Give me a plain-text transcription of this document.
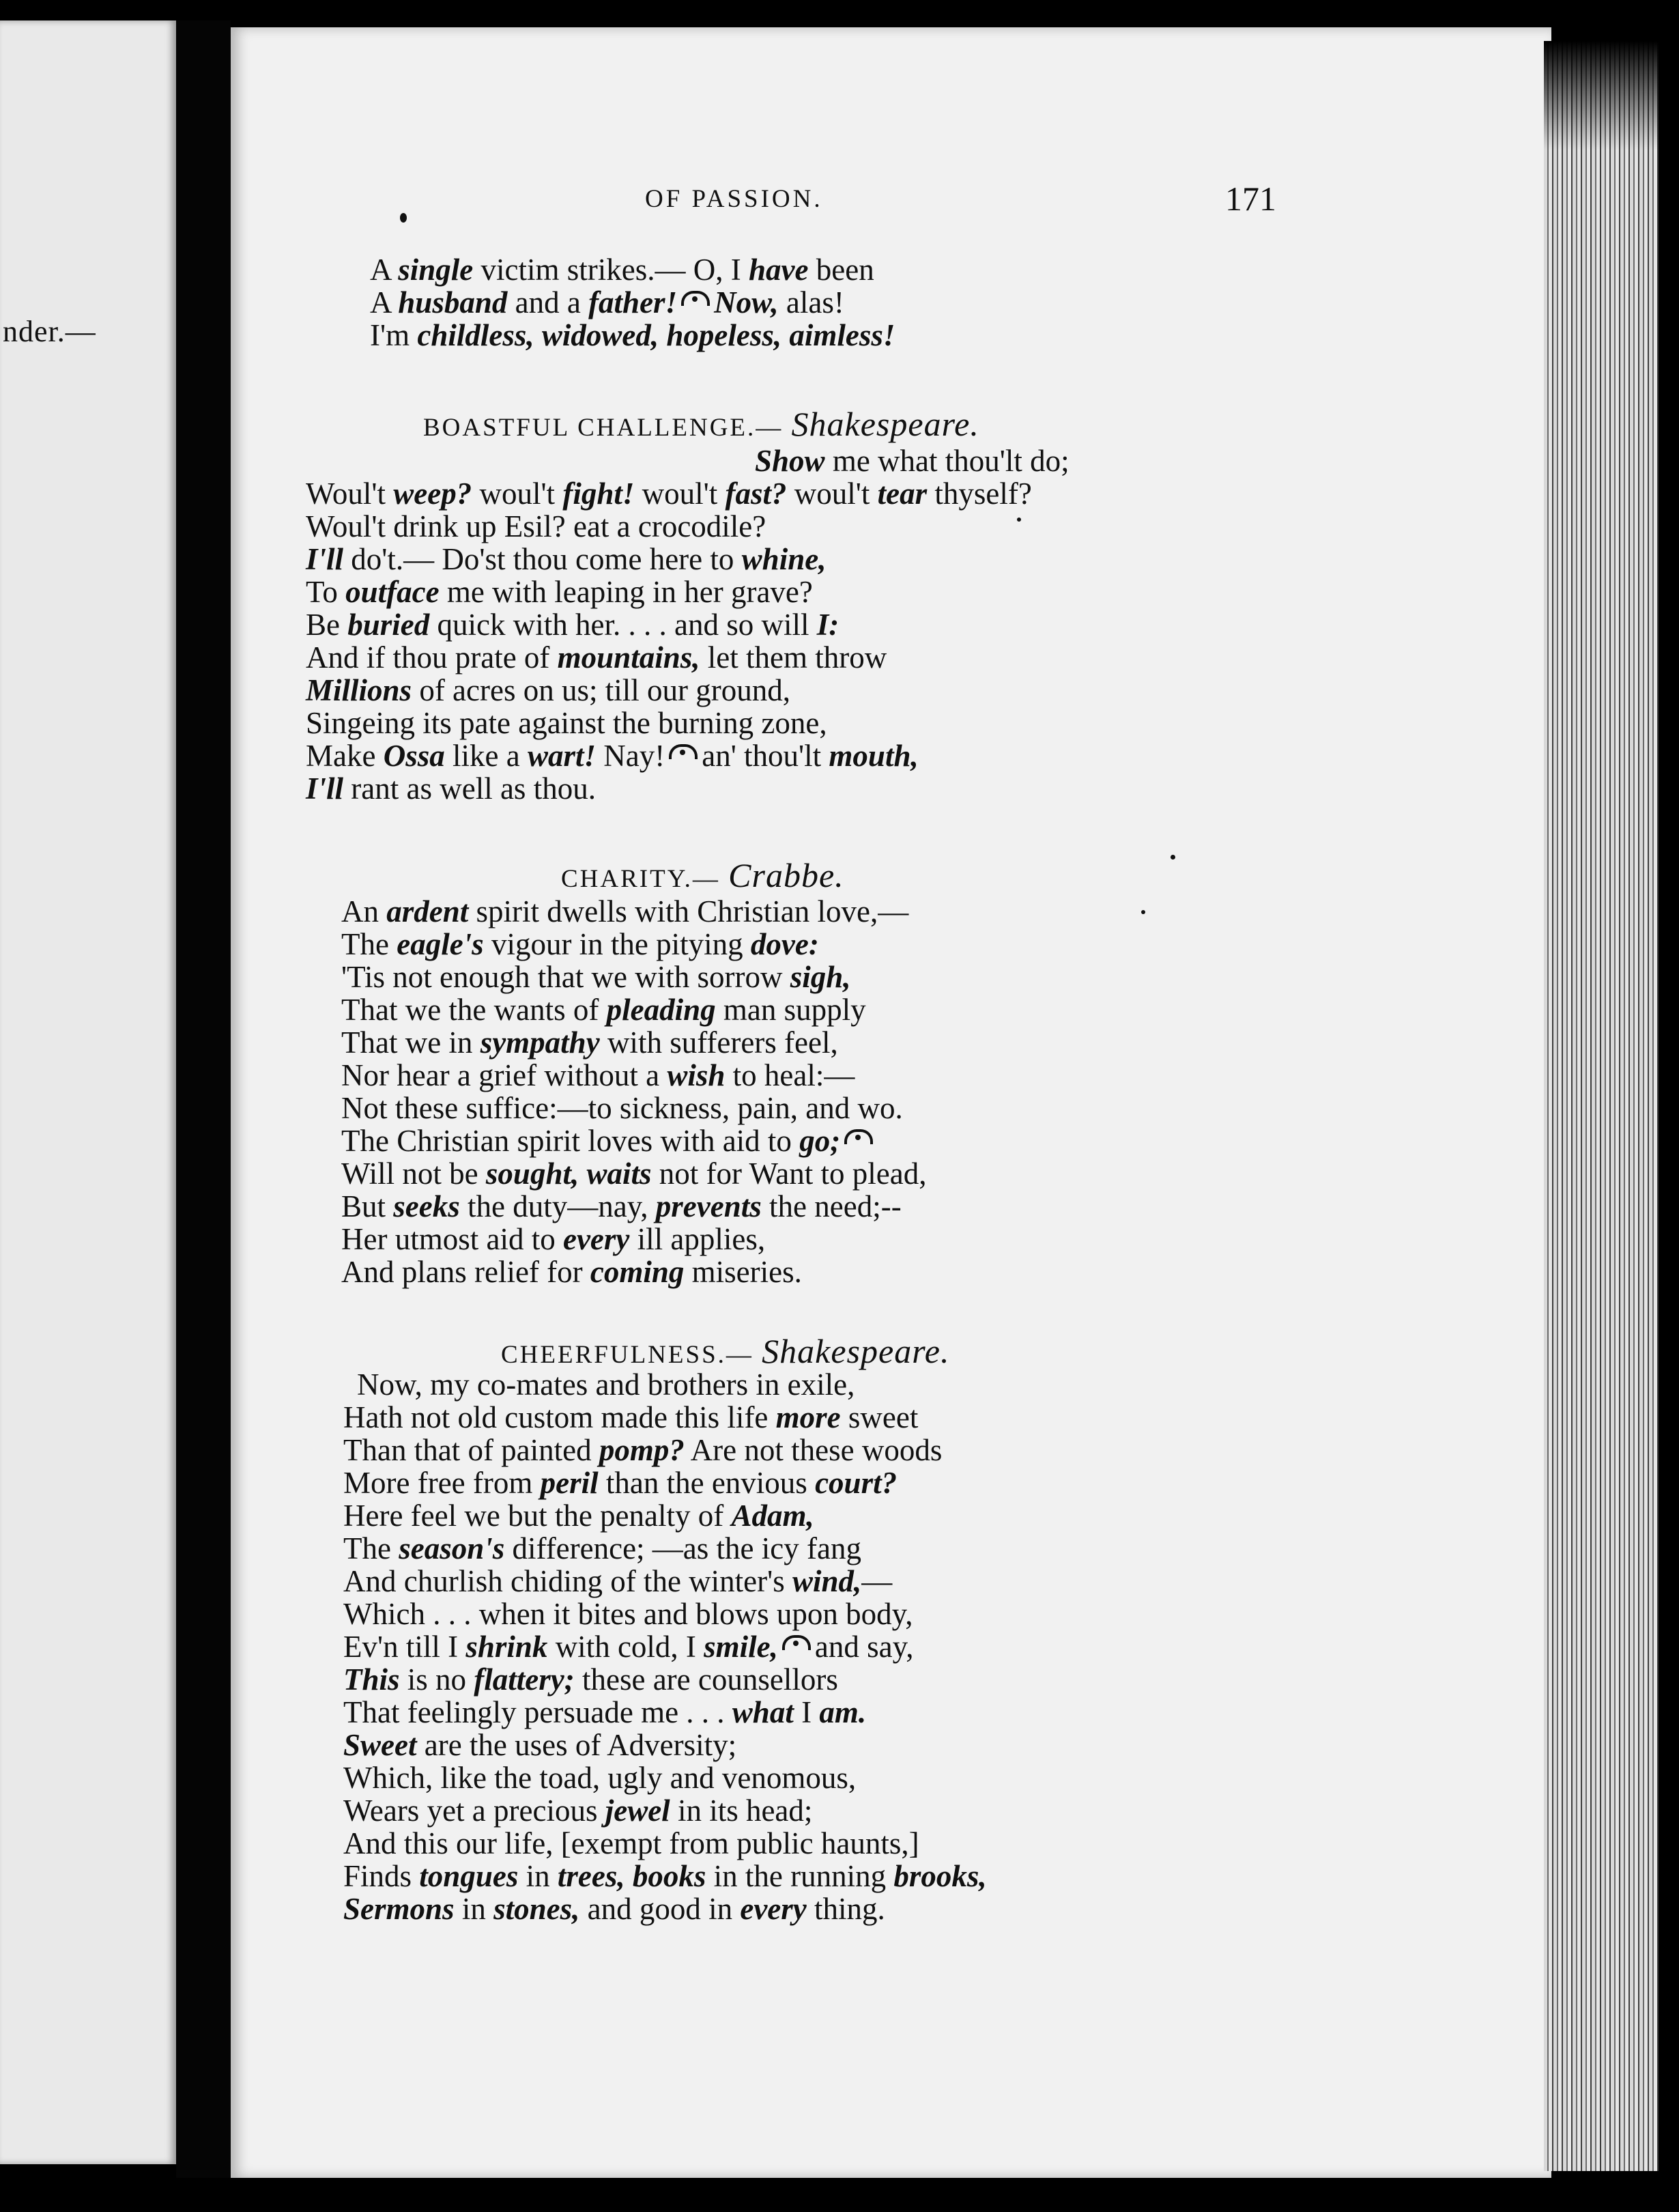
nder.—
OF PASSION.	171
A single victim strikes.— O, I have been
A husband and a father! Now, alas!
I'm childless, widowed, hopeless, aimless!
BOASTFUL CHALLENGE.— Shakespeare.
Show me what thou'lt do;
Woul't weep? woul't fight! woul't fast? woul't tear thyself?
Woul't drink up Esil? eat a crocodile?
I'll do't.— Do'st thou come here to whine,
To outface me with leaping in her grave?
Be buried quick with her. . . . and so will I:
And if thou prate of mountains, let them throw
Millions of acres on us; till our ground,
Singeing its pate against the burning zone,
Make Ossa like a wart! Nay! an' thou'lt mouth,
I'll rant as well as thou.
CHARITY.— Crabbe.
An ardent spirit dwells with Christian love,—
The eagle's vigour in the pitying dove:
'Tis not enough that we with sorrow sigh,
That we the wants of pleading man supply
That we in sympathy with sufferers feel,
Nor hear a grief without a wish to heal:—
Not these suffice:—to sickness, pain, and wo.
The Christian spirit loves with aid to go;
Will not be sought, waits not for Want to plead,
But seeks the duty—nay, prevents the need;--
Her utmost aid to every ill applies,
And plans relief for coming miseries.
CHEERFULNESS.— Shakespeare.
Now, my co-mates and brothers in exile,
Hath not old custom made this life more sweet
Than that of painted pomp? Are not these woods
More free from peril than the envious court?
Here feel we but the penalty of Adam,
The season's difference; —as the icy fang
And churlish chiding of the winter's wind,—
Which . . . when it bites and blows upon body,
Ev'n till I shrink with cold, I smile, and say,
This is no flattery; these are counsellors
That feelingly persuade me . . . what I am.
Sweet are the uses of Adversity;
Which, like the toad, ugly and venomous,
Wears yet a precious jewel in its head;
And this our life, [exempt from public haunts,]
Finds tongues in trees, books in the running brooks,
Sermons in stones, and good in every thing.
